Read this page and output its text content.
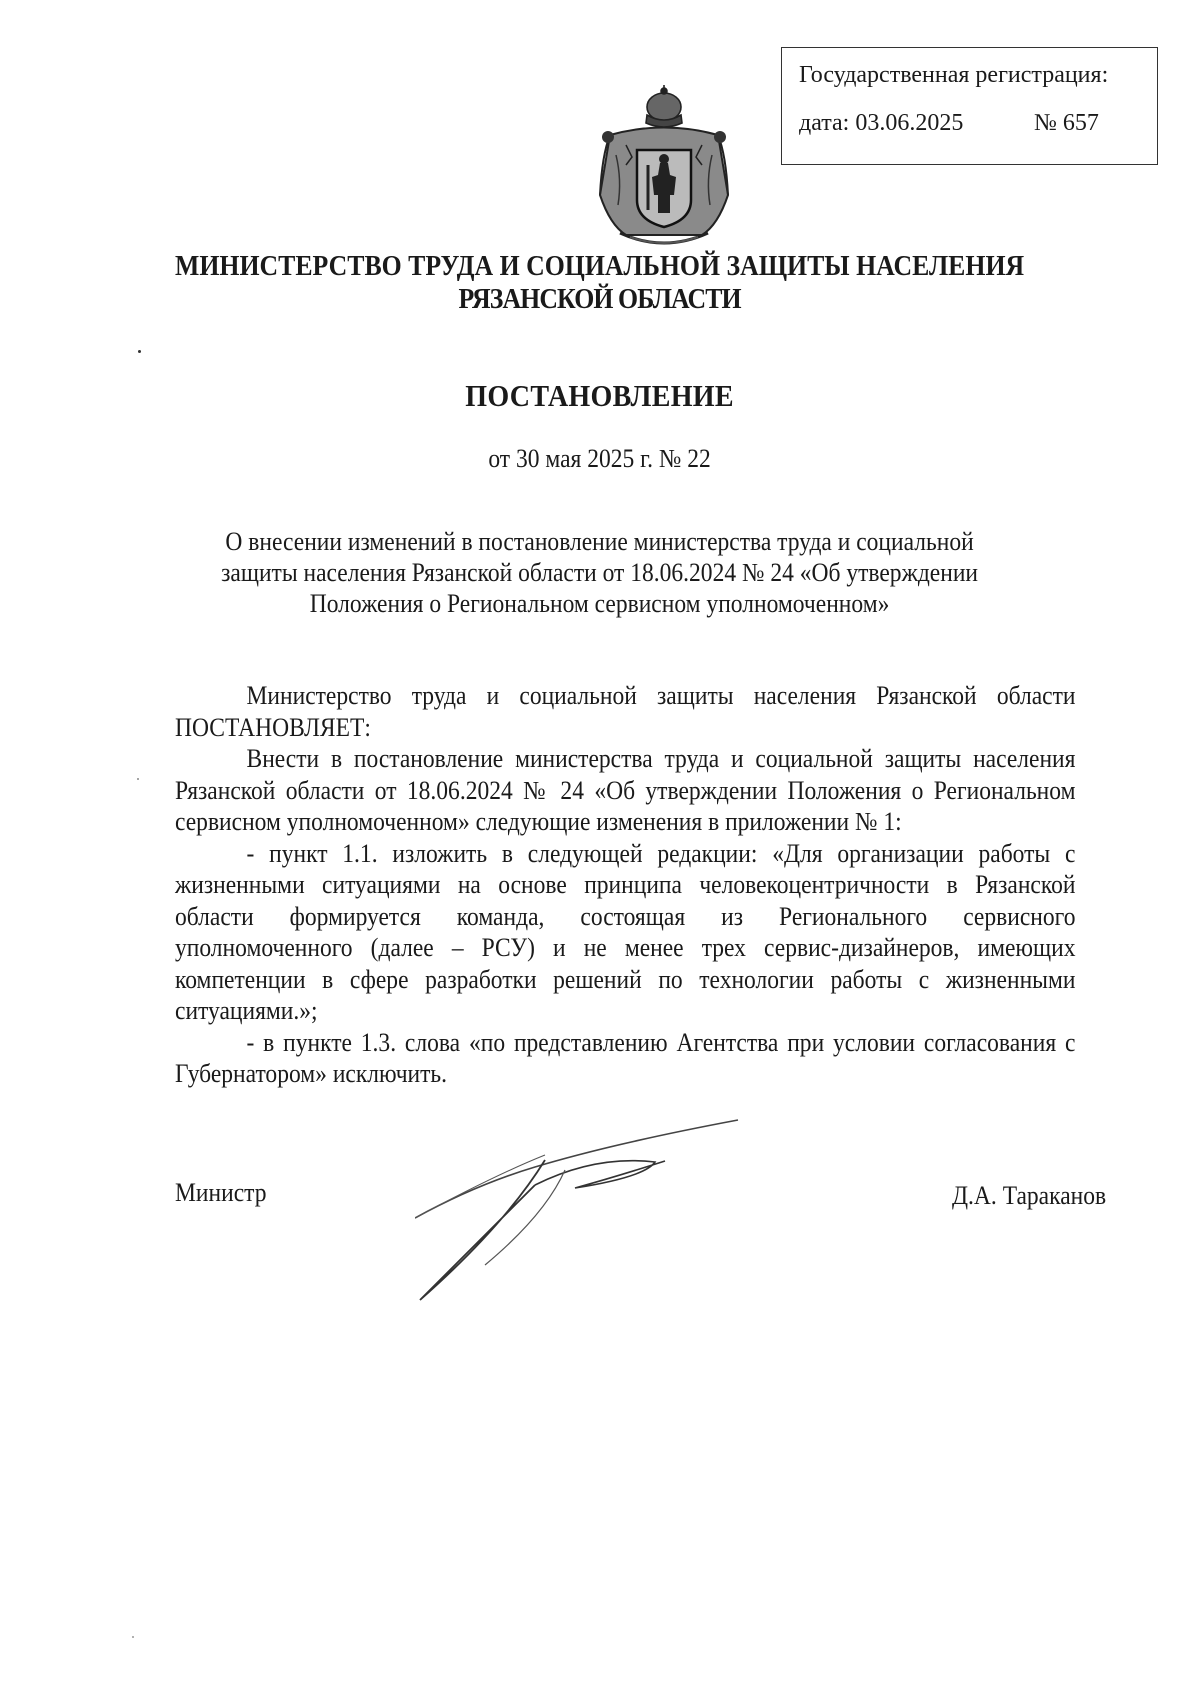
Государственная регистрация:
дата: 03.06.2025	№ 657
МИНИСТЕРСТВО ТРУДА И СОЦИАЛЬНОЙ ЗАЩИТЫ НАСЕЛЕНИЯ
РЯЗАНСКОЙ ОБЛАСТИ
ПОСТАНОВЛЕНИЕ
от 30 мая 2025 г. № 22
О внесении изменений в постановление министерства труда и социальной
защиты населения Рязанской области от 18.06.2024 № 24 «Об утверждении
Положения о Региональном сервисном уполномоченном»

Министерство труда и социальной защиты населения Рязанской области ПОСТАНОВЛЯЕТ:

Внести в постановление министерства труда и социальной защиты населения Рязанской области от 18.06.2024 № 24 «Об утверждении Положения о Региональном сервисном уполномоченном» следующие изменения в приложении № 1:

- пункт 1.1. изложить в следующей редакции: «Для организации работы с жизненными ситуациями на основе принципа человекоцентричности в Рязанской области формируется команда, состоящая из Регионального сервисного уполномоченного (далее – РСУ) и не менее трех сервис-дизайнеров, имеющих компетенции в сфере разработки решений по технологии работы с жизненными ситуациями.»;

- в пункте 1.3. слова «по представлению Агентства при условии согласования с Губернатором» исключить.

Министр	Д.А. Тараканов
